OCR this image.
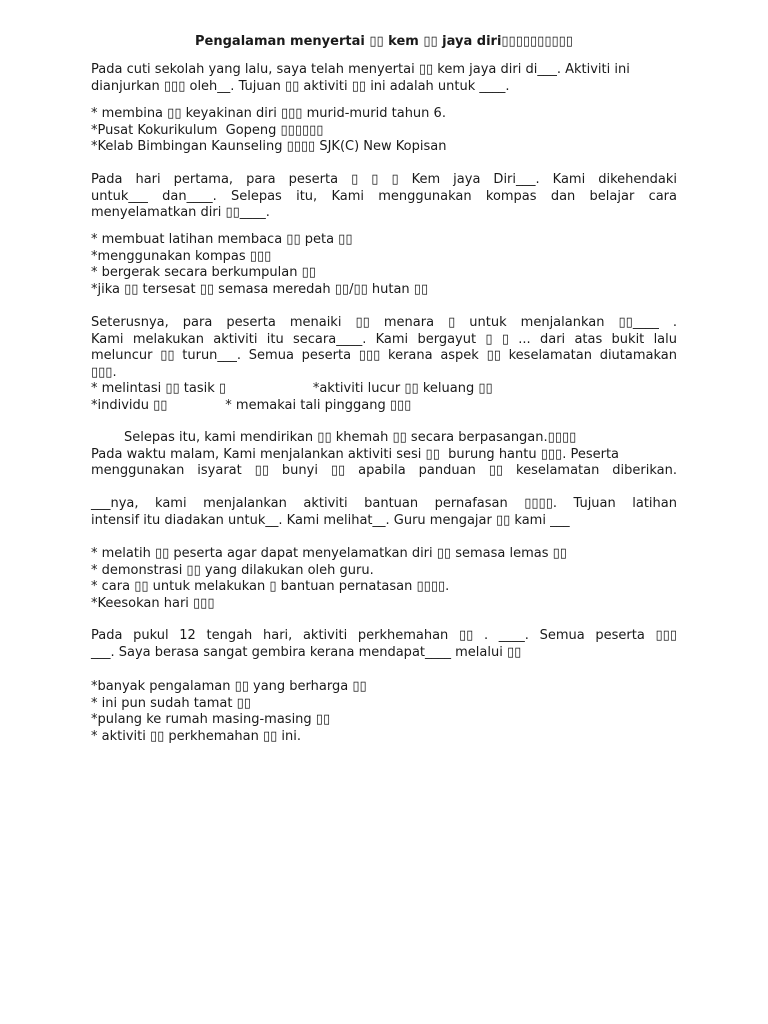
Pengalaman menyertai ▯▯ kem ▯▯ jaya diri▯▯▯▯▯▯▯▯▯▯
Pada cuti sekolah yang lalu, saya telah menyertai ▯▯ kem jaya diri di___. Aktiviti ini
dianjurkan ▯▯▯ oleh__. Tujuan ▯▯ aktiviti ▯▯ ini adalah untuk ____.
* membina ▯▯ keyakinan diri ▯▯▯ murid-murid tahun 6.
*Pusat Kokurikulum  Gopeng ▯▯▯▯▯▯
*Kelab Bimbingan Kaunseling ▯▯▯▯ SJK(C) New Kopisan
Pada hari pertama, para peserta ▯ ▯ ▯ Kem jaya Diri___. Kami dikehendaki
untuk___ dan____. Selepas itu, Kami menggunakan kompas dan belajar cara
menyelamatkan diri ▯▯____.
* membuat latihan membaca ▯▯ peta ▯▯
*menggunakan kompas ▯▯▯
* bergerak secara berkumpulan ▯▯
*jika ▯▯ tersesat ▯▯ semasa meredah ▯▯/▯▯ hutan ▯▯
Seterusnya, para peserta menaiki ▯▯ menara ▯ untuk menjalankan ▯▯____ .
Kami melakukan aktiviti itu secara____. Kami bergayut ▯ ▯ ... dari atas bukit lalu
meluncur ▯▯ turun___. Semua peserta ▯▯▯ kerana aspek ▯▯ keselamatan diutamakan
▯▯▯.
* melintasi ▯▯ tasik ▯                     *aktiviti lucur ▯▯ keluang ▯▯
*individu ▯▯              * memakai tali pinggang ▯▯▯
Selepas itu, kami mendirikan ▯▯ khemah ▯▯ secara berpasangan.▯▯▯▯
Pada waktu malam, Kami menjalankan aktiviti sesi ▯▯  burung hantu ▯▯▯. Peserta
menggunakan isyarat ▯▯ bunyi ▯▯ apabila panduan ▯▯ keselamatan diberikan.
___nya, kami menjalankan aktiviti bantuan pernafasan ▯▯▯▯. Tujuan latihan
intensif itu diadakan untuk__. Kami melihat__. Guru mengajar ▯▯ kami ___
* melatih ▯▯ peserta agar dapat menyelamatkan diri ▯▯ semasa lemas ▯▯
* demonstrasi ▯▯ yang dilakukan oleh guru.
* cara ▯▯ untuk melakukan ▯ bantuan pernatasan ▯▯▯▯.
*Keesokan hari ▯▯▯
Pada pukul 12 tengah hari, aktiviti perkhemahan ▯▯ . ____. Semua peserta ▯▯▯
___. Saya berasa sangat gembira kerana mendapat____ melalui ▯▯
*banyak pengalaman ▯▯ yang berharga ▯▯
* ini pun sudah tamat ▯▯
*pulang ke rumah masing-masing ▯▯
* aktiviti ▯▯ perkhemahan ▯▯ ini.
